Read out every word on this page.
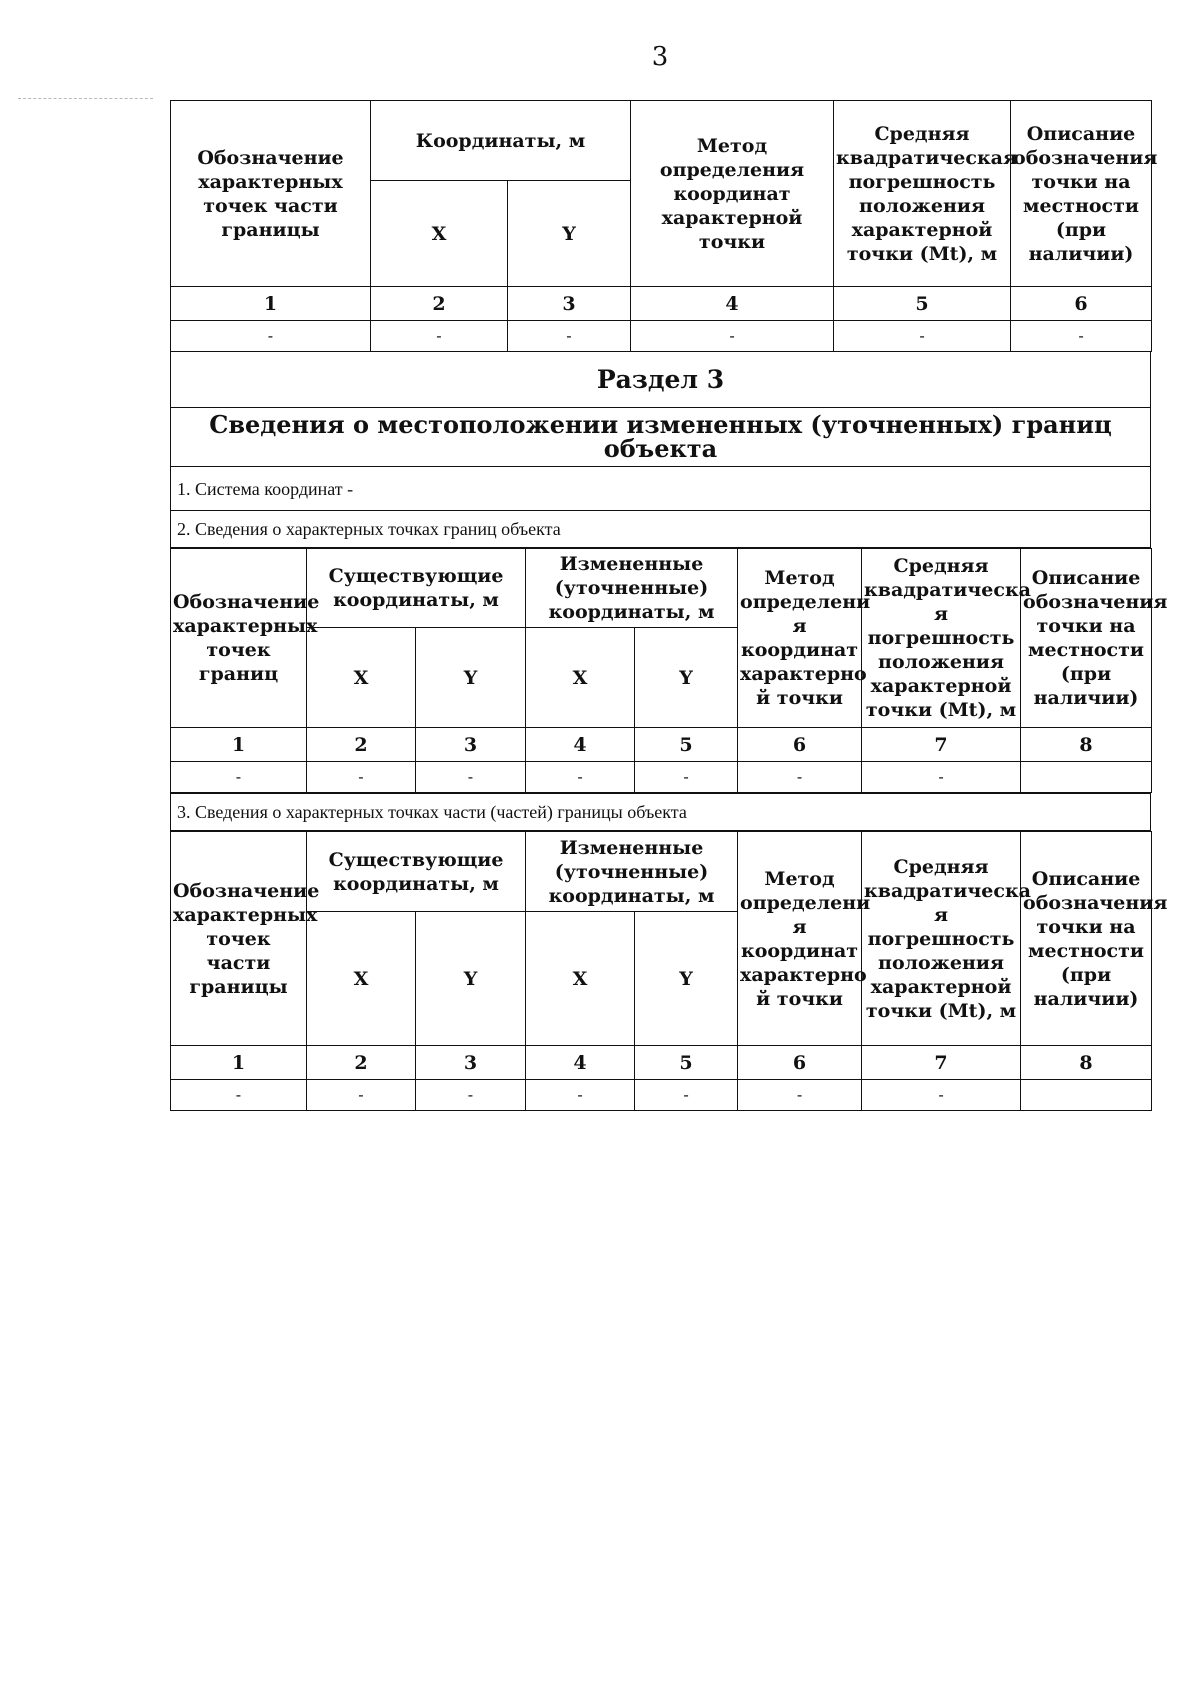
3
Обозначение характерных точек части границы	Координаты, м		Метод определения координат характерной точки	Средняя квадратическая погрешность положения характерной точки (Mt), м	Описание обозначения точки на местности (при наличии)
	X	Y			
1	2	3	4	5	6
-	-	-	-	-	-
Раздел 3
Сведения о местоположении измененных (уточненных) границ объекта
1. Система координат -
2. Сведения о характерных точках границ объекта
Обозначение характерных точек границ	Существующие координаты, м		Измененные (уточненные) координаты, м		Метод определени я координат характерно й точки	Средняя квадратическа я погрешность положения характерной точки (Mt), м	Описание обозначения точки на местности (при наличии)
	X	Y	X	Y			
1	2	3	4	5	6	7	8
-	-	-	-	-	-	-	
3. Сведения о характерных точках части (частей) границы объекта
Обозначение характерных точек части границы	Существующие координаты, м		Измененные (уточненные) координаты, м		Метод определени я координат характерно й точки	Средняя квадратическа я погрешность положения характерной точки (Mt), м	Описание обозначения точки на местности (при наличии)
	X	Y	X	Y			
1	2	3	4	5	6	7	8
-	-	-	-	-	-	-	
